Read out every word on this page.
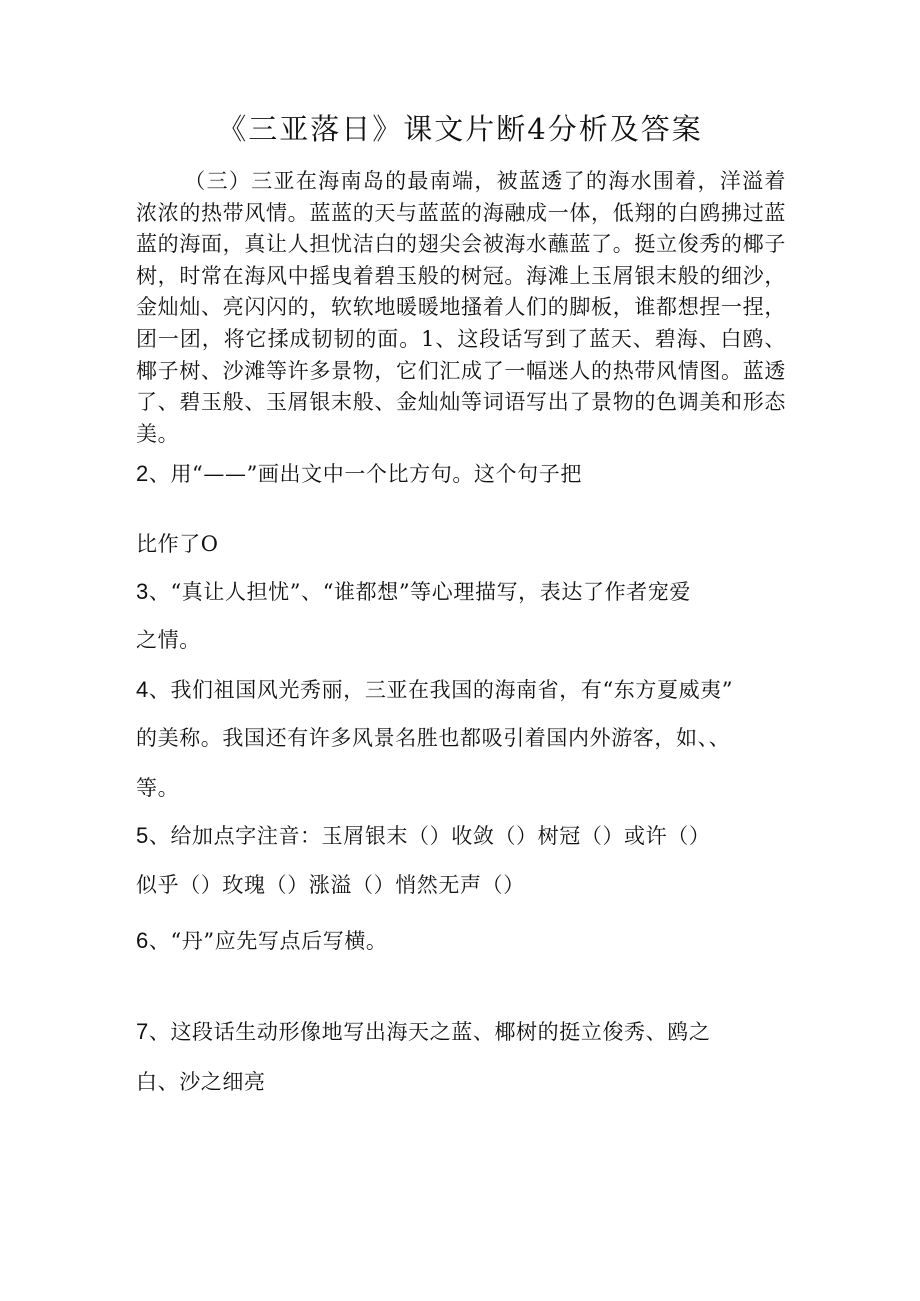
《三亚落日》课文片断4分析及答案

（三）三亚在海南岛的最南端，被蓝透了的海水围着，洋溢着浓浓的热带风情。蓝蓝的天与蓝蓝的海融成一体，低翔的白鸥拂过蓝蓝的海面，真让人担忧洁白的翅尖会被海水蘸蓝了。挺立俊秀的椰子树，时常在海风中摇曳着碧玉般的树冠。海滩上玉屑银末般的细沙，金灿灿、亮闪闪的，软软地暖暖地搔着人们的脚板，谁都想捏一捏，团一团，将它揉成韧韧的面。1、这段话写到了蓝天、碧海、白鸥、椰子树、沙滩等许多景物，它们汇成了一幅迷人的热带风情图。蓝透了、碧玉般、玉屑银末般、金灿灿等词语写出了景物的色调美和形态美。

2、用“——”画出文中一个比方句。这个句子把

比作了O

3、“真让人担忧”、“谁都想”等心理描写，表达了作者宠爱

之情。

4、我们祖国风光秀丽，三亚在我国的海南省，有“东方夏威夷”

的美称。我国还有许多风景名胜也都吸引着国内外游客，如、、

等。

5、给加点字注音：玉屑银末（）收敛（）树冠（）或许（）

似乎（）玫瑰（）涨溢（）悄然无声（）

6、“丹”应先写点后写横。

7、这段话生动形像地写出海天之蓝、椰树的挺立俊秀、鸥之

白、沙之细亮
